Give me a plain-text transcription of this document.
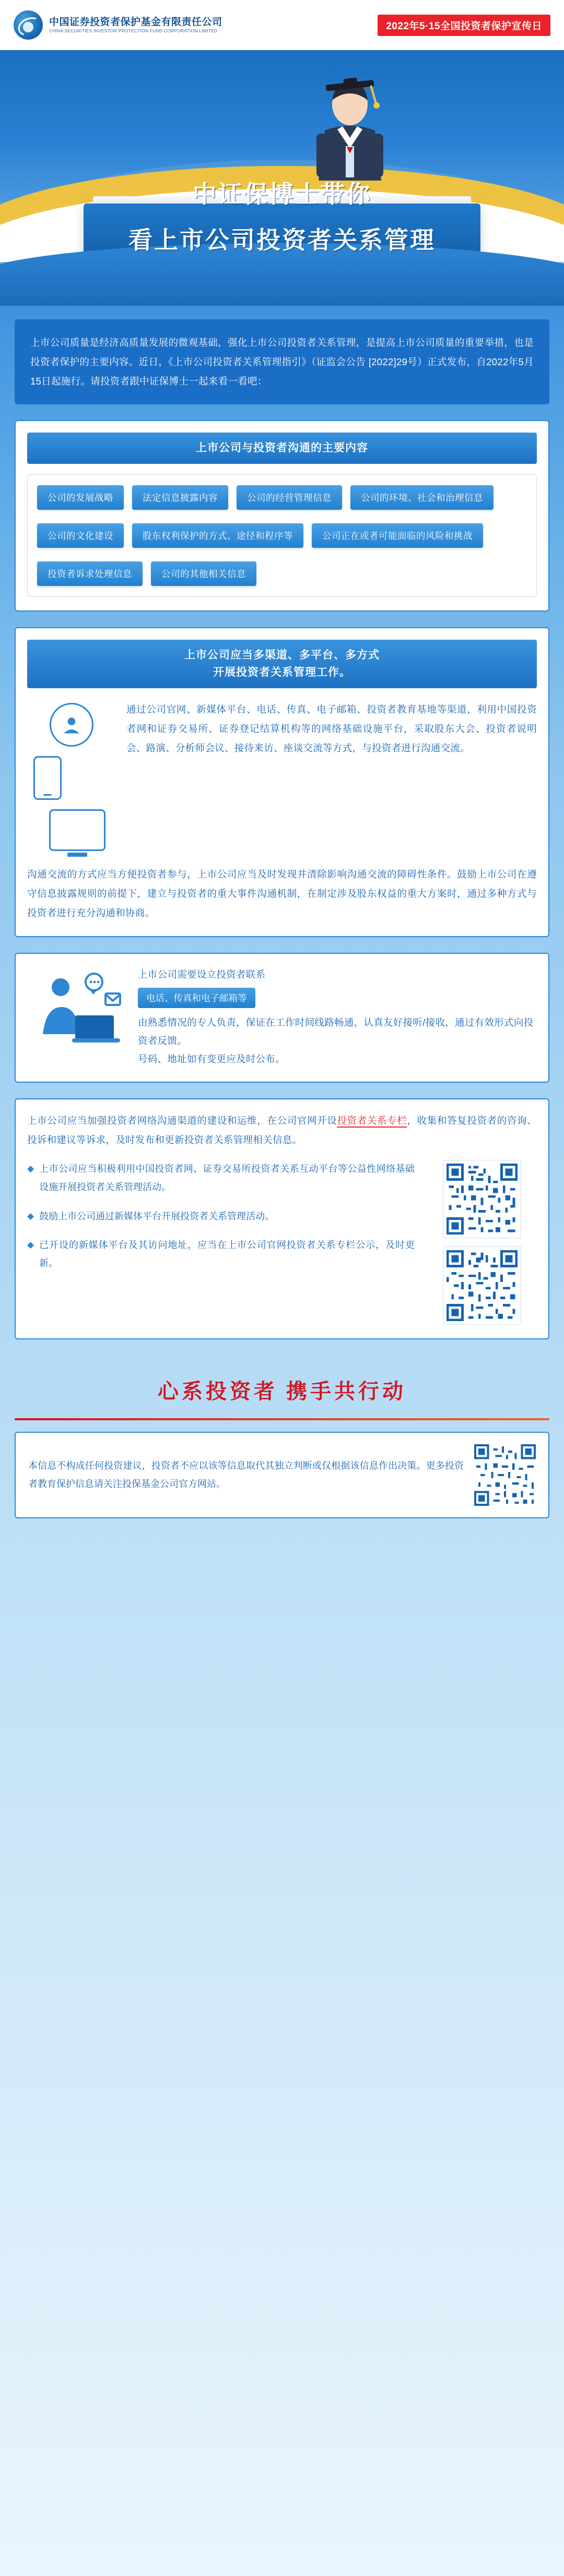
中国证券投资者保护基金有限责任公司
CHINA SECURITIES INVESTOR PROTECTION FUND CORPORATION LIMITED	2022年5·15全国投资者保护宣传日
中证保博士带你
看上市公司投资者关系管理
上市公司质量是经济高质量发展的微观基础，强化上市公司投资者关系管理，是提高上市公司质量的重要举措，也是投资者保护的主要内容。近日，《上市公司投资者关系管理指引》（证监会公告 [2022]29号）正式发布，自2022年5月15日起施行。请投资者跟中证保博士一起来看一看吧：
上市公司与投资者沟通的主要内容
公司的发展战略	法定信息披露内容	公司的经营管理信息	公司的环境、社会和治理信息
公司的文化建设	股东权利保护的方式、途径和程序等	公司正在或者可能面临的风险和挑战
投资者诉求处理信息	公司的其他相关信息
上市公司应当多渠道、多平台、多方式
开展投资者关系管理工作。
通过公司官网、新媒体平台、电话、传真、电子邮箱、投资者教育基地等渠道，利用中国投资者网和证券交易所、证券登记结算机构等的网络基础设施平台，采取股东大会、投资者说明会、路演、分析师会议、接待来访、座谈交流等方式，与投资者进行沟通交流。
沟通交流的方式应当方便投资者参与，上市公司应当及时发现并清除影响沟通交流的障碍性条件。鼓励上市公司在遵守信息披露规则的前提下，建立与投资者的重大事件沟通机制，在制定涉及股东权益的重大方案时，通过多种方式与投资者进行充分沟通和协商。
上市公司需要设立投资者联系
电话、传真和电子邮箱等
由熟悉情况的专人负责，保证在工作时间线路畅通，认真友好接听/接收，通过有效形式向投资者反馈。
号码、地址如有变更应及时公布。
上市公司应当加强投资者网络沟通渠道的建设和运维，在公司官网开设投资者关系专栏，收集和答复投资者的咨询、投诉和建议等诉求，及时发布和更新投资者关系管理相关信息。
◆ 上市公司应当积极利用中国投资者网、证券交易所投资者关系互动平台等公益性网络基础设施开展投资者关系管理活动。
◆ 鼓励上市公司通过新媒体平台开展投资者关系管理活动。
◆ 已开设的新媒体平台及其访问地址，应当在上市公司官网投资者关系专栏公示，及时更新。
心系投资者 携手共行动
本信息不构成任何投资建议，投资者不应以该等信息取代其独立判断或仅根据该信息作出决策。更多投资者教育保护信息请关注投保基金公司官方网站。
